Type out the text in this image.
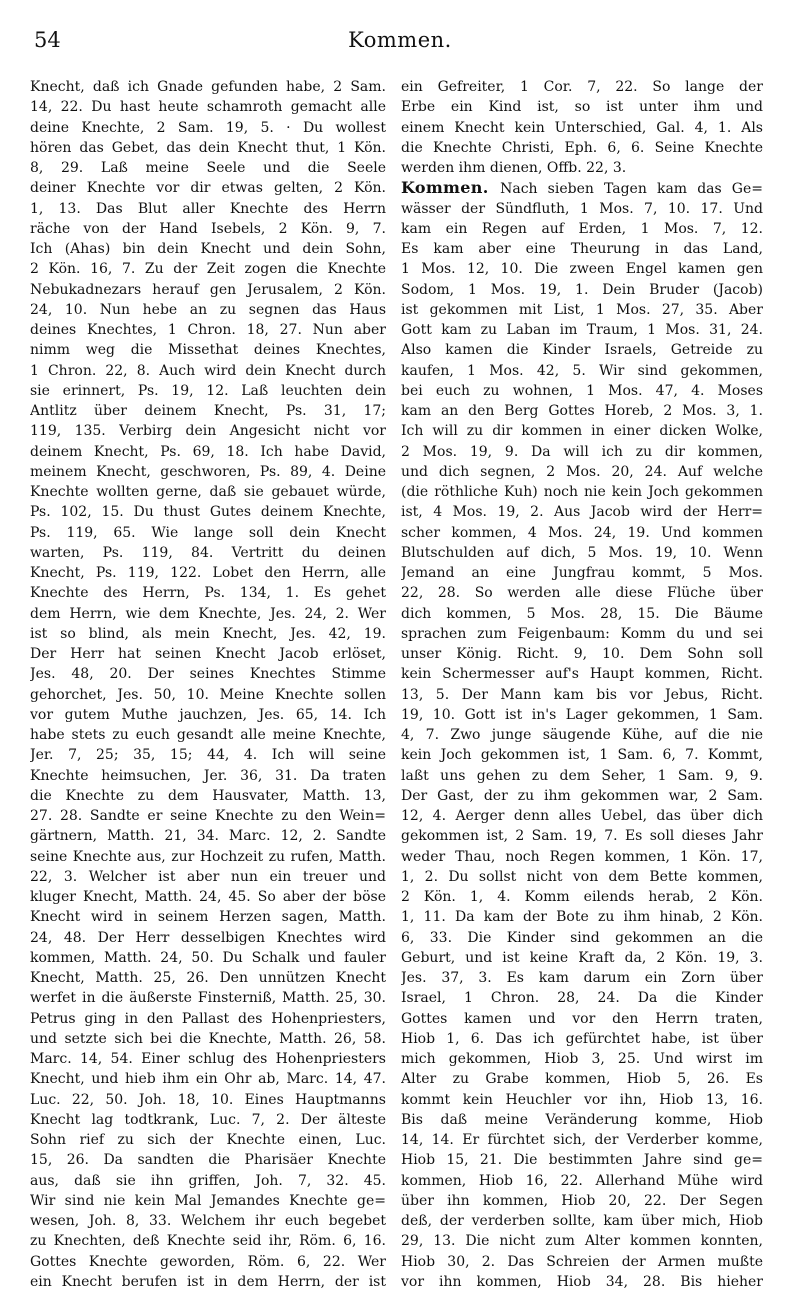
54	Kommen.
Knecht, daß ich Gnade gefunden habe, 2 Sam.
14, 22. Du hast heute schamroth gemacht alle
deine Knechte, 2 Sam. 19, 5. · Du wollest
hören das Gebet, das dein Knecht thut, 1 Kön.
8, 29. Laß meine Seele und die Seele
deiner Knechte vor dir etwas gelten, 2 Kön.
1, 13. Das Blut aller Knechte des Herrn
räche von der Hand Isebels, 2 Kön. 9, 7.
Ich (Ahas) bin dein Knecht und dein Sohn,
2 Kön. 16, 7. Zu der Zeit zogen die Knechte
Nebukadnezars herauf gen Jerusalem, 2 Kön.
24, 10. Nun hebe an zu segnen das Haus
deines Knechtes, 1 Chron. 18, 27. Nun aber
nimm weg die Missethat deines Knechtes,
1 Chron. 22, 8. Auch wird dein Knecht durch
sie erinnert, Ps. 19, 12. Laß leuchten dein
Antlitz über deinem Knecht, Ps. 31, 17;
119, 135. Verbirg dein Angesicht nicht vor
deinem Knecht, Ps. 69, 18. Ich habe David,
meinem Knecht, geschworen, Ps. 89, 4. Deine
Knechte wollten gerne, daß sie gebauet würde,
Ps. 102, 15. Du thust Gutes deinem Knechte,
Ps. 119, 65. Wie lange soll dein Knecht
warten, Ps. 119, 84. Vertritt du deinen
Knecht, Ps. 119, 122. Lobet den Herrn, alle
Knechte des Herrn, Ps. 134, 1. Es gehet
dem Herrn, wie dem Knechte, Jes. 24, 2. Wer
ist so blind, als mein Knecht, Jes. 42, 19.
Der Herr hat seinen Knecht Jacob erlöset,
Jes. 48, 20. Der seines Knechtes Stimme
gehorchet, Jes. 50, 10. Meine Knechte sollen
vor gutem Muthe jauchzen, Jes. 65, 14. Ich
habe stets zu euch gesandt alle meine Knechte,
Jer. 7, 25; 35, 15; 44, 4. Ich will seine
Knechte heimsuchen, Jer. 36, 31. Da traten
die Knechte zu dem Hausvater, Matth. 13,
27. 28. Sandte er seine Knechte zu den Wein=
gärtnern, Matth. 21, 34. Marc. 12, 2. Sandte
seine Knechte aus, zur Hochzeit zu rufen, Matth.
22, 3. Welcher ist aber nun ein treuer und
kluger Knecht, Matth. 24, 45. So aber der böse
Knecht wird in seinem Herzen sagen, Matth.
24, 48. Der Herr desselbigen Knechtes wird
kommen, Matth. 24, 50. Du Schalk und fauler
Knecht, Matth. 25, 26. Den unnützen Knecht
werfet in die äußerste Finsterniß, Matth. 25, 30.
Petrus ging in den Pallast des Hohenpriesters,
und setzte sich bei die Knechte, Matth. 26, 58.
Marc. 14, 54. Einer schlug des Hohenpriesters
Knecht, und hieb ihm ein Ohr ab, Marc. 14, 47.
Luc. 22, 50. Joh. 18, 10. Eines Hauptmanns
Knecht lag todtkrank, Luc. 7, 2. Der älteste
Sohn rief zu sich der Knechte einen, Luc.
15, 26. Da sandten die Pharisäer Knechte
aus, daß sie ihn griffen, Joh. 7, 32. 45.
Wir sind nie kein Mal Jemandes Knechte ge=
wesen, Joh. 8, 33. Welchem ihr euch begebet
zu Knechten, deß Knechte seid ihr, Röm. 6, 16.
Gottes Knechte geworden, Röm. 6, 22. Wer
ein Knecht berufen ist in dem Herrn, der ist
ein Gefreiter, 1 Cor. 7, 22. So lange der
Erbe ein Kind ist, so ist unter ihm und
einem Knecht kein Unterschied, Gal. 4, 1. Als
die Knechte Christi, Eph. 6, 6. Seine Knechte
werden ihm dienen, Offb. 22, 3.
Kommen. Nach sieben Tagen kam das Ge=
wässer der Sündfluth, 1 Mos. 7, 10. 17. Und
kam ein Regen auf Erden, 1 Mos. 7, 12.
Es kam aber eine Theurung in das Land,
1 Mos. 12, 10. Die zween Engel kamen gen
Sodom, 1 Mos. 19, 1. Dein Bruder (Jacob)
ist gekommen mit List, 1 Mos. 27, 35. Aber
Gott kam zu Laban im Traum, 1 Mos. 31, 24.
Also kamen die Kinder Israels, Getreide zu
kaufen, 1 Mos. 42, 5. Wir sind gekommen,
bei euch zu wohnen, 1 Mos. 47, 4. Moses
kam an den Berg Gottes Horeb, 2 Mos. 3, 1.
Ich will zu dir kommen in einer dicken Wolke,
2 Mos. 19, 9. Da will ich zu dir kommen,
und dich segnen, 2 Mos. 20, 24. Auf welche
(die röthliche Kuh) noch nie kein Joch gekommen
ist, 4 Mos. 19, 2. Aus Jacob wird der Herr=
scher kommen, 4 Mos. 24, 19. Und kommen
Blutschulden auf dich, 5 Mos. 19, 10. Wenn
Jemand an eine Jungfrau kommt, 5 Mos.
22, 28. So werden alle diese Flüche über
dich kommen, 5 Mos. 28, 15. Die Bäume
sprachen zum Feigenbaum: Komm du und sei
unser König. Richt. 9, 10. Dem Sohn soll
kein Schermesser auf's Haupt kommen, Richt.
13, 5. Der Mann kam bis vor Jebus, Richt.
19, 10. Gott ist in's Lager gekommen, 1 Sam.
4, 7. Zwo junge säugende Kühe, auf die nie
kein Joch gekommen ist, 1 Sam. 6, 7. Kommt,
laßt uns gehen zu dem Seher, 1 Sam. 9, 9.
Der Gast, der zu ihm gekommen war, 2 Sam.
12, 4. Aerger denn alles Uebel, das über dich
gekommen ist, 2 Sam. 19, 7. Es soll dieses Jahr
weder Thau, noch Regen kommen, 1 Kön. 17,
1, 2. Du sollst nicht von dem Bette kommen,
2 Kön. 1, 4. Komm eilends herab, 2 Kön.
1, 11. Da kam der Bote zu ihm hinab, 2 Kön.
6, 33. Die Kinder sind gekommen an die
Geburt, und ist keine Kraft da, 2 Kön. 19, 3.
Jes. 37, 3. Es kam darum ein Zorn über
Israel, 1 Chron. 28, 24. Da die Kinder
Gottes kamen und vor den Herrn traten,
Hiob 1, 6. Das ich gefürchtet habe, ist über
mich gekommen, Hiob 3, 25. Und wirst im
Alter zu Grabe kommen, Hiob 5, 26. Es
kommt kein Heuchler vor ihn, Hiob 13, 16.
Bis daß meine Veränderung komme, Hiob
14, 14. Er fürchtet sich, der Verderber komme,
Hiob 15, 21. Die bestimmten Jahre sind ge=
kommen, Hiob 16, 22. Allerhand Mühe wird
über ihn kommen, Hiob 20, 22. Der Segen
deß, der verderben sollte, kam über mich, Hiob
29, 13. Die nicht zum Alter kommen konnten,
Hiob 30, 2. Das Schreien der Armen mußte
vor ihn kommen, Hiob 34, 28. Bis hieher
